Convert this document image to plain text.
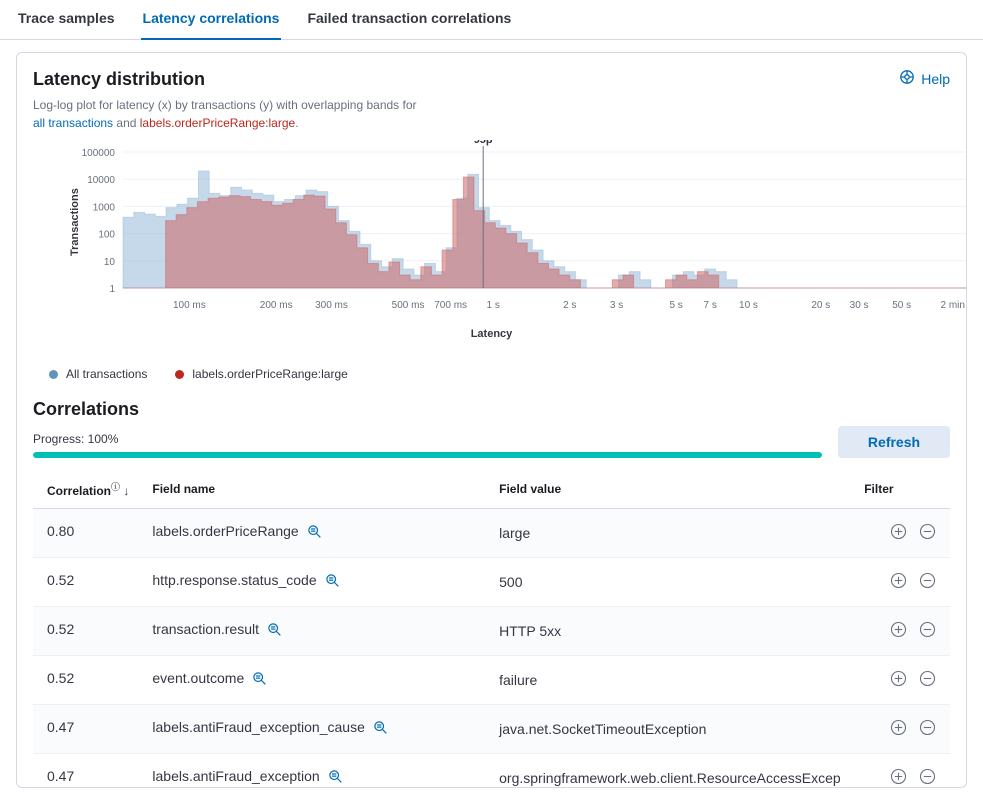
Trace samples Latency correlations Failed transaction correlations
Latency distribution	Help
Log-log plot for latency (x) by transactions (y) with overlapping bands for
all transactions and labels.orderPriceRange:large.
Transactions
1
10
100
1000
10000
100000
100 ms	200 ms 300 ms	500 ms 700 ms 1 s	2 s	3 s	5 s 7 s 10 s	20 s 30 s 50 s	2 min
95p
Latency
All transactions	labels.orderPriceRange:large
Correlations
Progress: 100%	Refresh
Correlationⓘ ↓	Field name	Field value	Filter
0.80	labels.orderPriceRange	large

0.52	http.response.status_code	500

0.52	transaction.result	HTTP 5xx

0.52	event.outcome	failure

0.47	labels.antiFraud_exception_cause	java.net.SocketTimeoutException

0.47	labels.antiFraud_exception	org.springframework.web.client.ResourceAccessExcep
